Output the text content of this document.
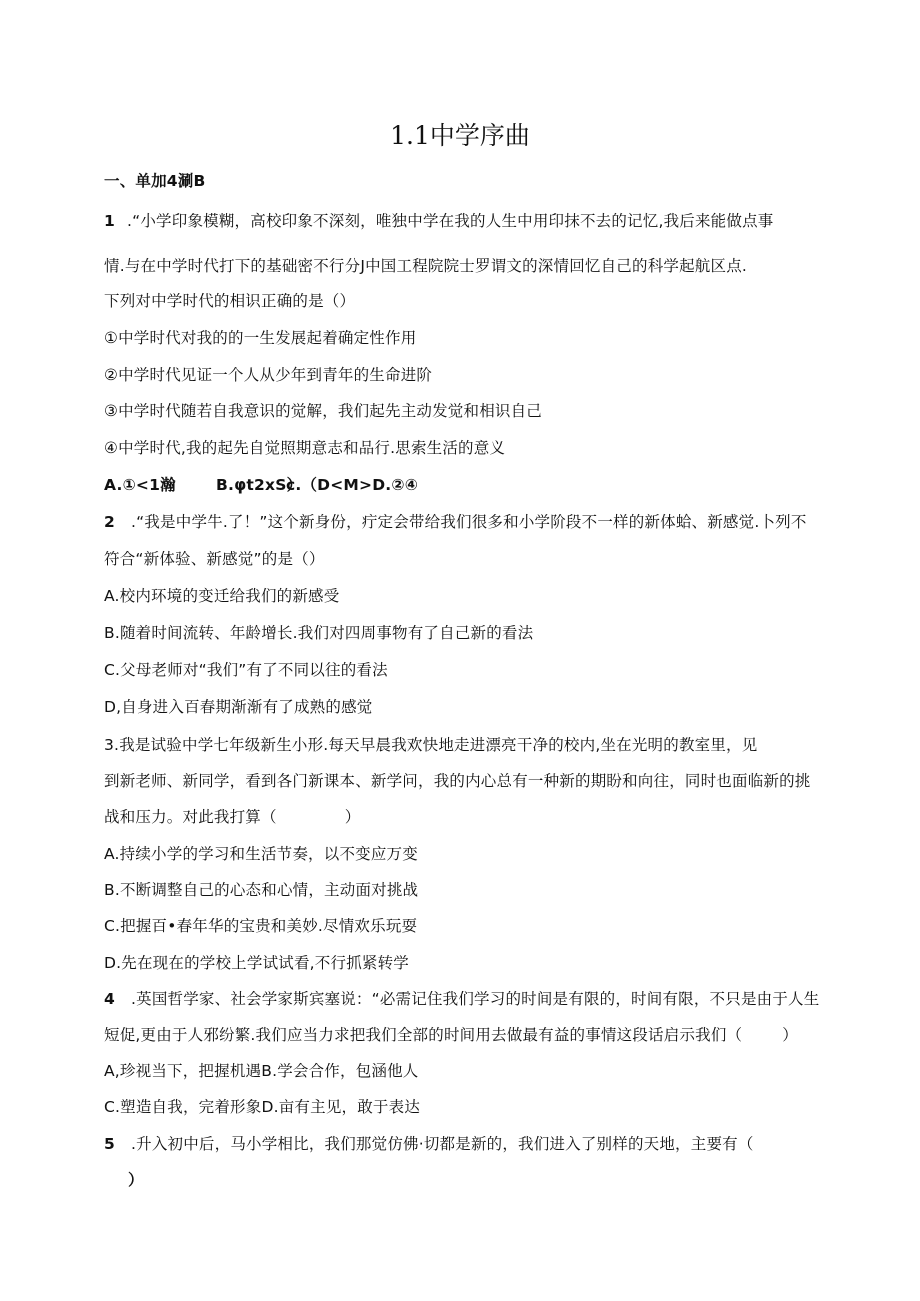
1.1中学序曲
一、单加4涮B
1 .“小学印象模糊，高校印象不深刻，唯独中学在我的人生中用印抹不去的记忆,我后来能做点事
情.与在中学时代打下的基础密不行分J中国工程院院士罗谓文的深情回忆自己的科学起航区点.
下列对中学时代的相识正确的是（）
①中学时代对我的的一生发展起着确定性作用
②中学时代见证一个人从少年到青年的生命进阶
③中学时代随若自我意识的觉解，我们起先主动发觉和相识自己
④中学时代,我的起先自觉照期意志和品行.思索生活的意义
A.①<1瀚	B.φt2xS）
c.（D<M>D.②④
2 .“我是中学牛.了！”这个新身份，疔定会带给我们很多和小学阶段不一样的新体蛤、新感觉.卜列不
符合“新体验、新感觉”的是（）
A.校内环境的变迁给我们的新感受
B.随着时间流转、年龄增长.我们对四周事物有了自己新的看法
C.父母老师对“我们”有了不同以往的看法
D,自身进入百春期渐渐有了成熟的感觉
3.我是试验中学七年级新生小形.每天早晨我欢快地走进漂亮干净的校内,坐在光明的教室里，见
到新老师、新同学，看到各门新课本、新学问，我的内心总有一种新的期盼和向往，同时也面临新的挑
战和压力。对此我打算（	）
A.持续小学的学习和生活节奏，以不变应万变
B.不断调整自己的心态和心情，主动面对挑战
C.把握百•春年华的宝贵和美妙.尽情欢乐玩耍
D.先在现在的学校上学试试看,不行抓紧转学
4 .英国哲学家、社会学家斯宾塞说：“必需记住我们学习的时间是有限的，时间有限，不只是由于人生
短促,更由于人邪纷繁.我们应当力求把我们全部的时间用去做最有益的事情这段话启示我们（	）
A,珍视当下，把握机遇B.学会合作，包涵他人
C.塑造自我，完着形象D.亩有主见，敢于表达
5 .升入初中后，马小学相比，我们那觉仿佛·切都是新的，我们进入了别样的天地，主要有（
）
